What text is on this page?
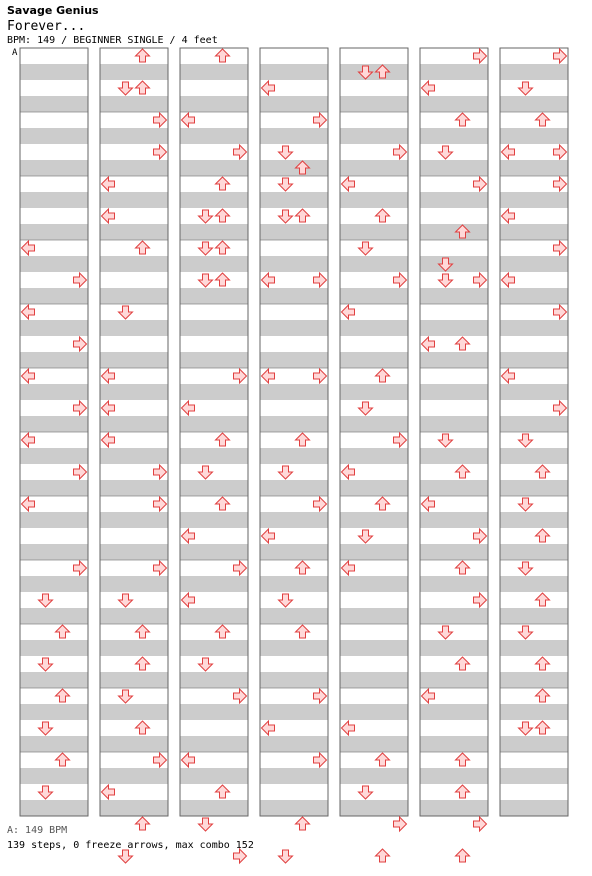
Savage Genius
Forever...
BPM: 149 / BEGINNER SINGLE / 4 feet
A
A: 149 BPM
139 steps, 0 freeze arrows, max combo 152
